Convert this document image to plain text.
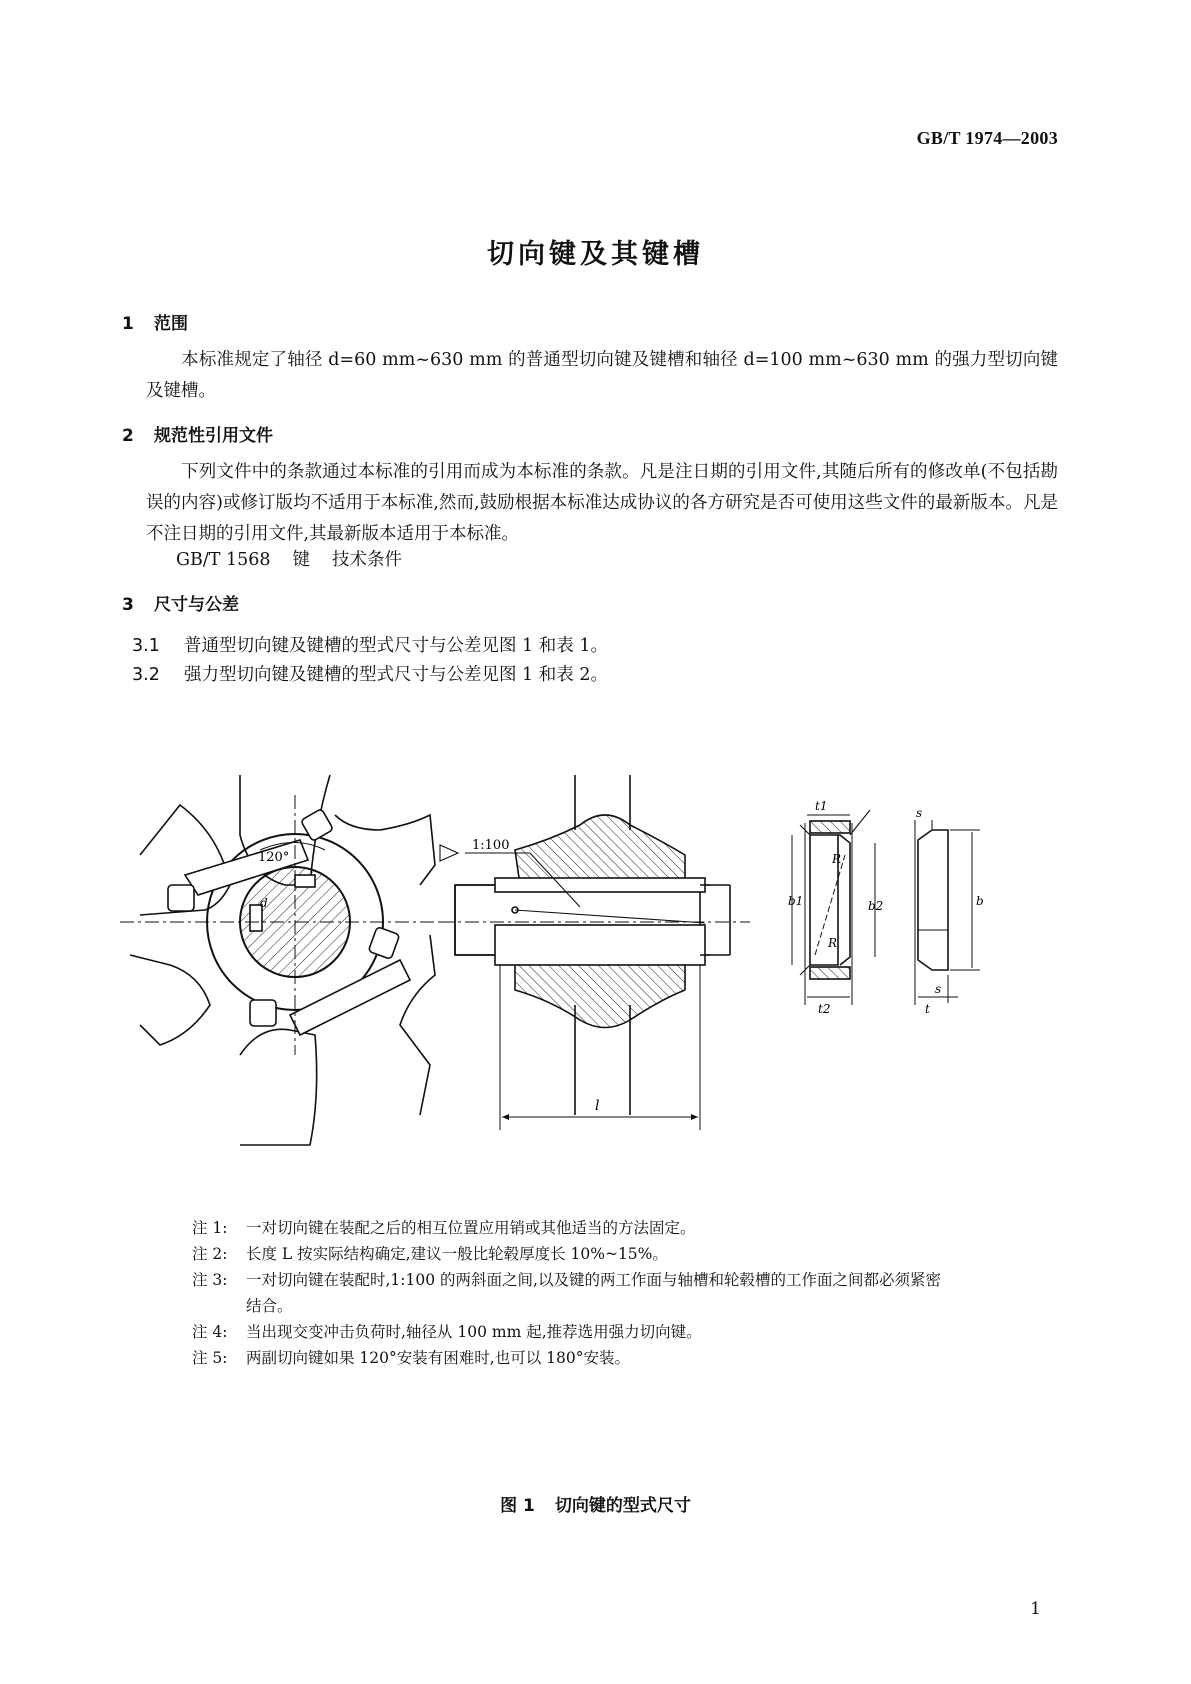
GB/T 1974—2003
切向键及其键槽
1 范围
本标准规定了轴径 d=60 mm~630 mm 的普通型切向键及键槽和轴径 d=100 mm~630 mm 的强力型切向键及键槽。
2 规范性引用文件
下列文件中的条款通过本标准的引用而成为本标准的条款。凡是注日期的引用文件,其随后所有的修改单(不包括勘误的内容)或修订版均不适用于本标准,然而,鼓励根据本标准达成协议的各方研究是否可使用这些文件的最新版本。凡是不注日期的引用文件,其最新版本适用于本标准。
GB/T 1568 键 技术条件
3 尺寸与公差
3.1 普通型切向键及键槽的型式尺寸与公差见图 1 和表 1。
3.2 强力型切向键及键槽的型式尺寸与公差见图 1 和表 2。
120°
d
1:100
l
t1
t2
b1	b2
R
R
s
s
b
t
注 1: 一对切向键在装配之后的相互位置应用销或其他适当的方法固定。
注 2: 长度 L 按实际结构确定,建议一般比轮毂厚度长 10%~15%。
注 3: 一对切向键在装配时,1:100 的两斜面之间,以及键的两工作面与轴槽和轮毂槽的工作面之间都必须紧密
结合。
注 4: 当出现交变冲击负荷时,轴径从 100 mm 起,推荐选用强力切向键。
注 5: 两副切向键如果 120°安装有困难时,也可以 180°安装。
图 1 切向键的型式尺寸
1
